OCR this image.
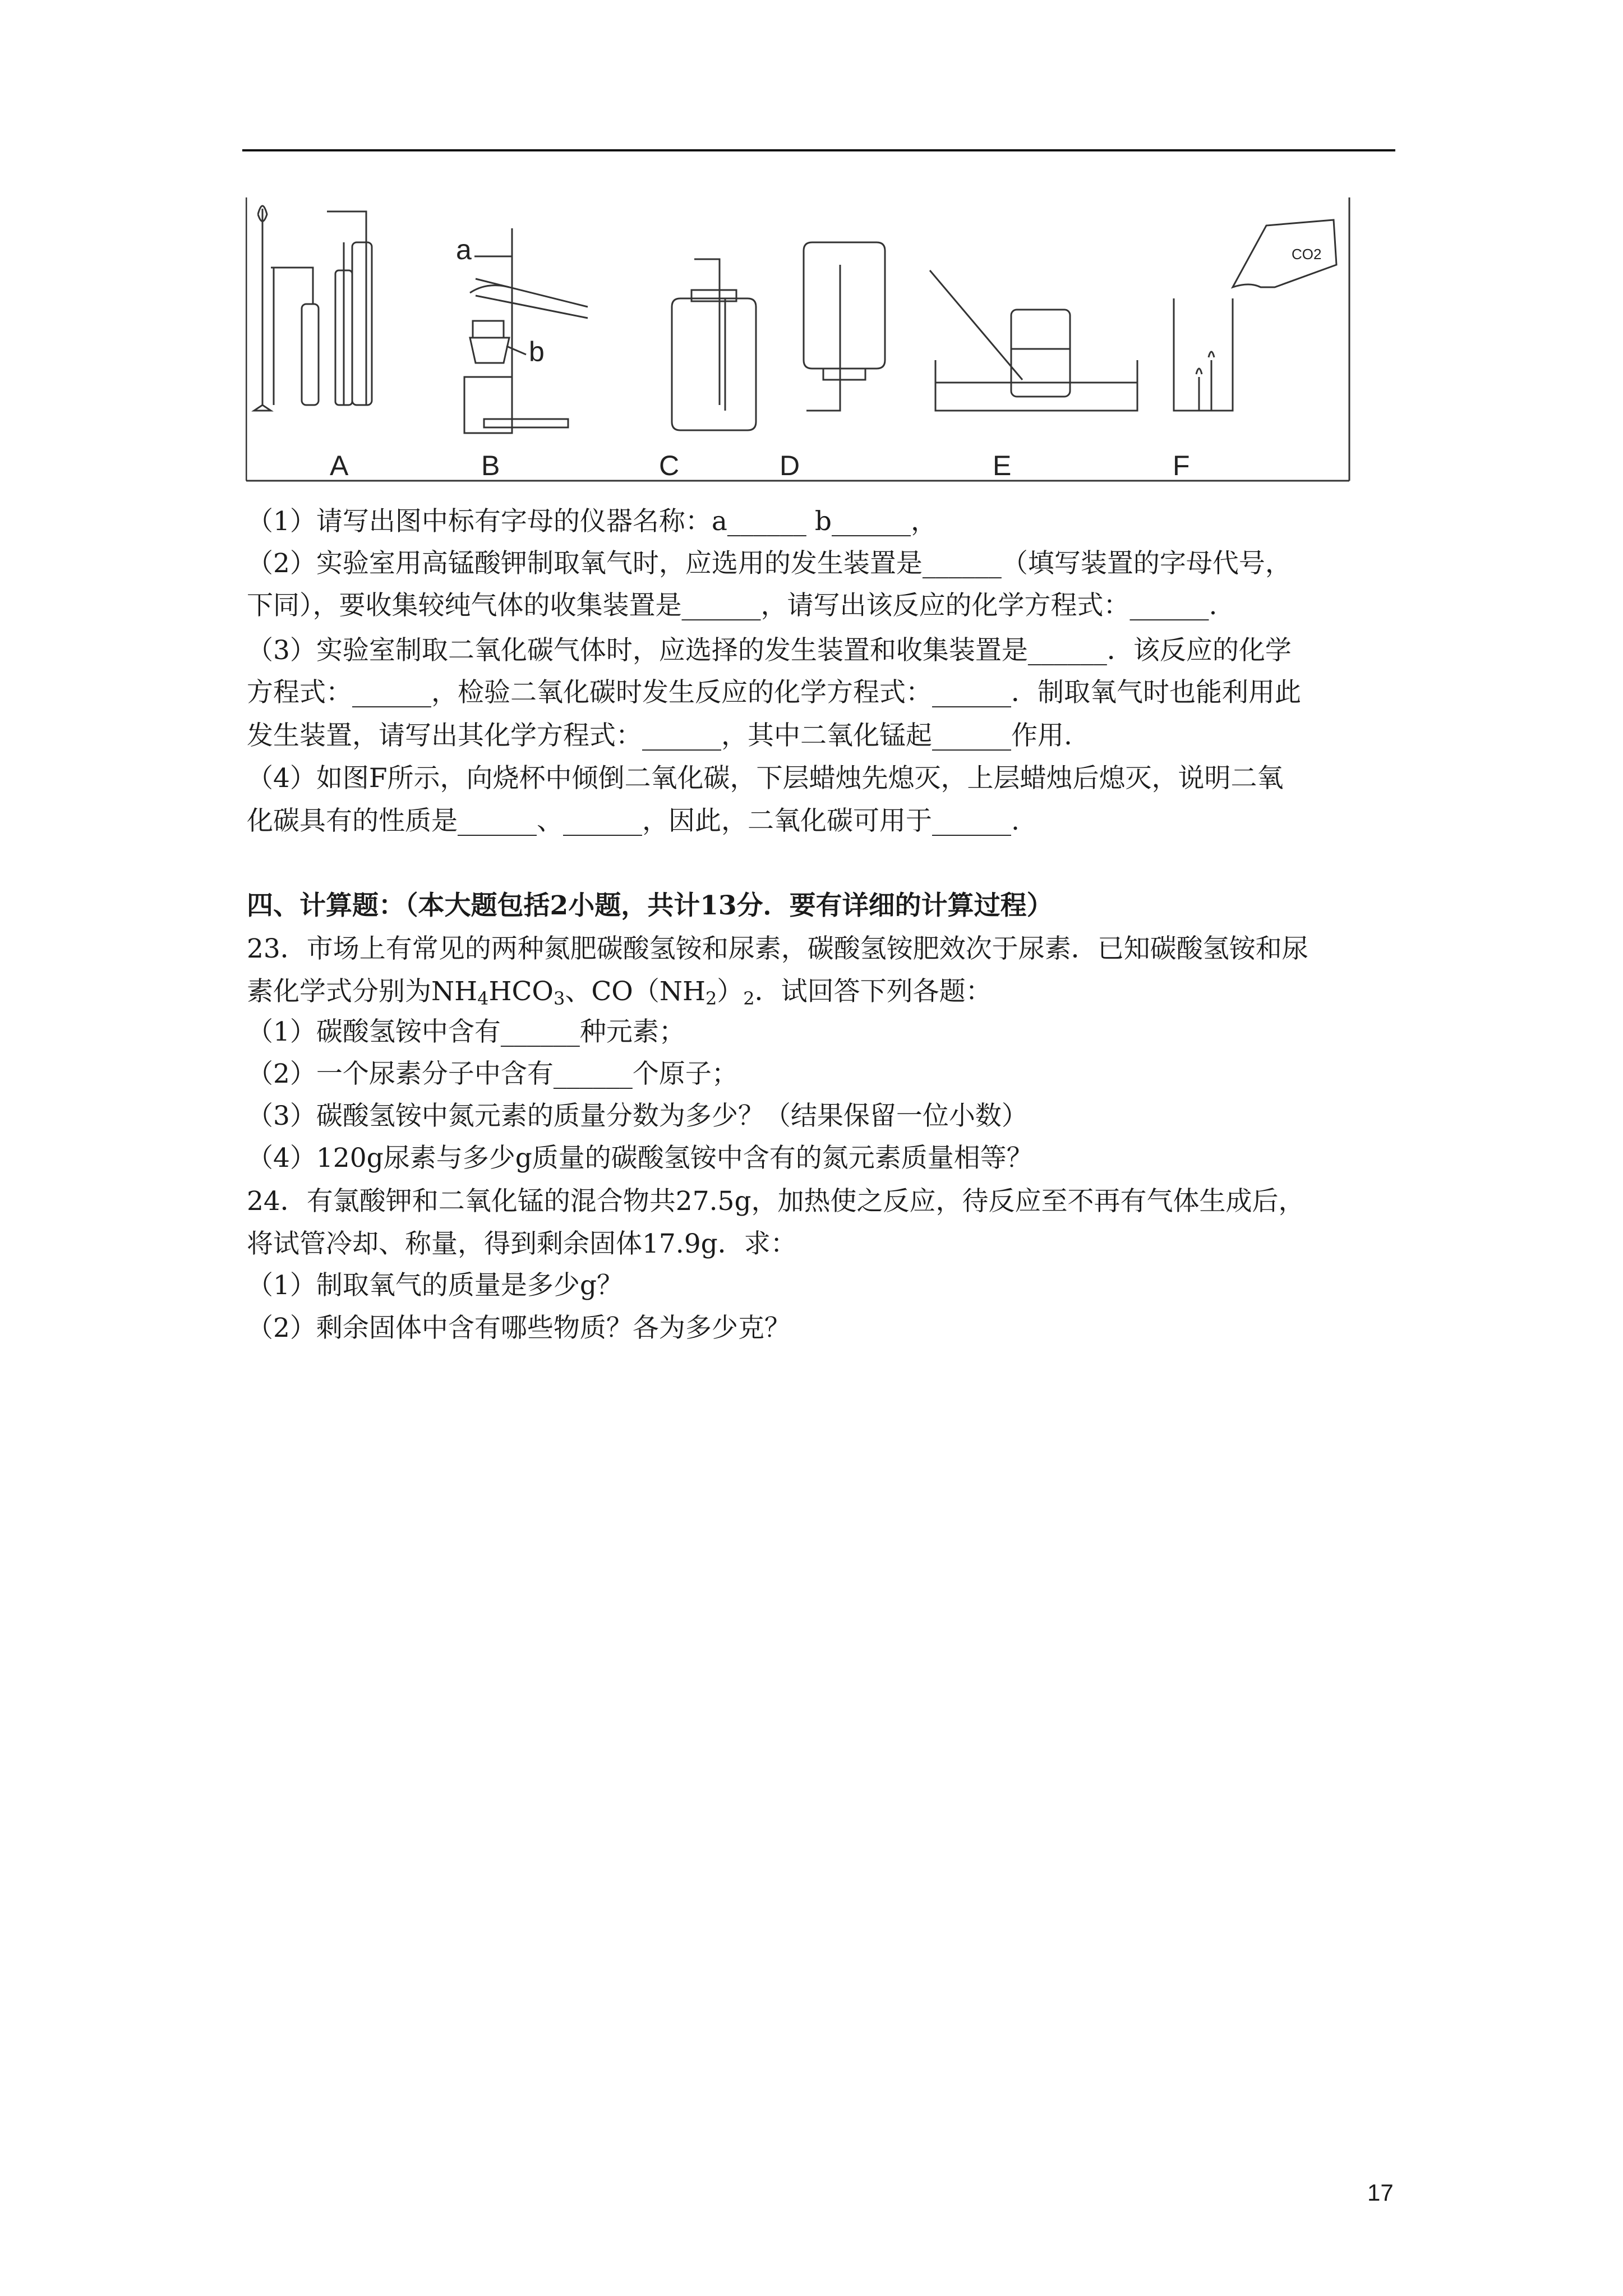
a
b
CO2
A	B	C	D	E	F
（1）请写出图中标有字母的仪器名称：a______ b______，
（2）实验室用高锰酸钾制取氧气时，应选用的发生装置是______（填写装置的字母代号，
下同），要收集较纯气体的收集装置是______，请写出该反应的化学方程式：______.
（3）实验室制取二氧化碳气体时，应选择的发生装置和收集装置是______．该反应的化学
方程式：______，检验二氧化碳时发生反应的化学方程式：______．制取氧气时也能利用此
发生装置，请写出其化学方程式：______，其中二氧化锰起______作用.
（4）如图F所示，向烧杯中倾倒二氧化碳，下层蜡烛先熄灭，上层蜡烛后熄灭，说明二氧
化碳具有的性质是______、______，因此，二氧化碳可用于______.
四、计算题：（本大题包括2小题，共计13分．要有详细的计算过程）
23．市场上有常见的两种氮肥碳酸氢铵和尿素，碳酸氢铵肥效次于尿素．已知碳酸氢铵和尿
素化学式分别为$NH_4HCO_3$、$CO(NH_2)_2$．试回答下列各题：
（1）碳酸氢铵中含有______种元素；
（2）一个尿素分子中含有______个原子；
（3）碳酸氢铵中氮元素的质量分数为多少？（结果保留一位小数）
（4）120g尿素与多少g质量的碳酸氢铵中含有的氮元素质量相等？
24．有氯酸钾和二氧化锰的混合物共27.5g，加热使之反应，待反应至不再有气体生成后，
将试管冷却、称量，得到剩余固体17.9g．求：
（1）制取氧气的质量是多少g？
（2）剩余固体中含有哪些物质？各为多少克？
17
